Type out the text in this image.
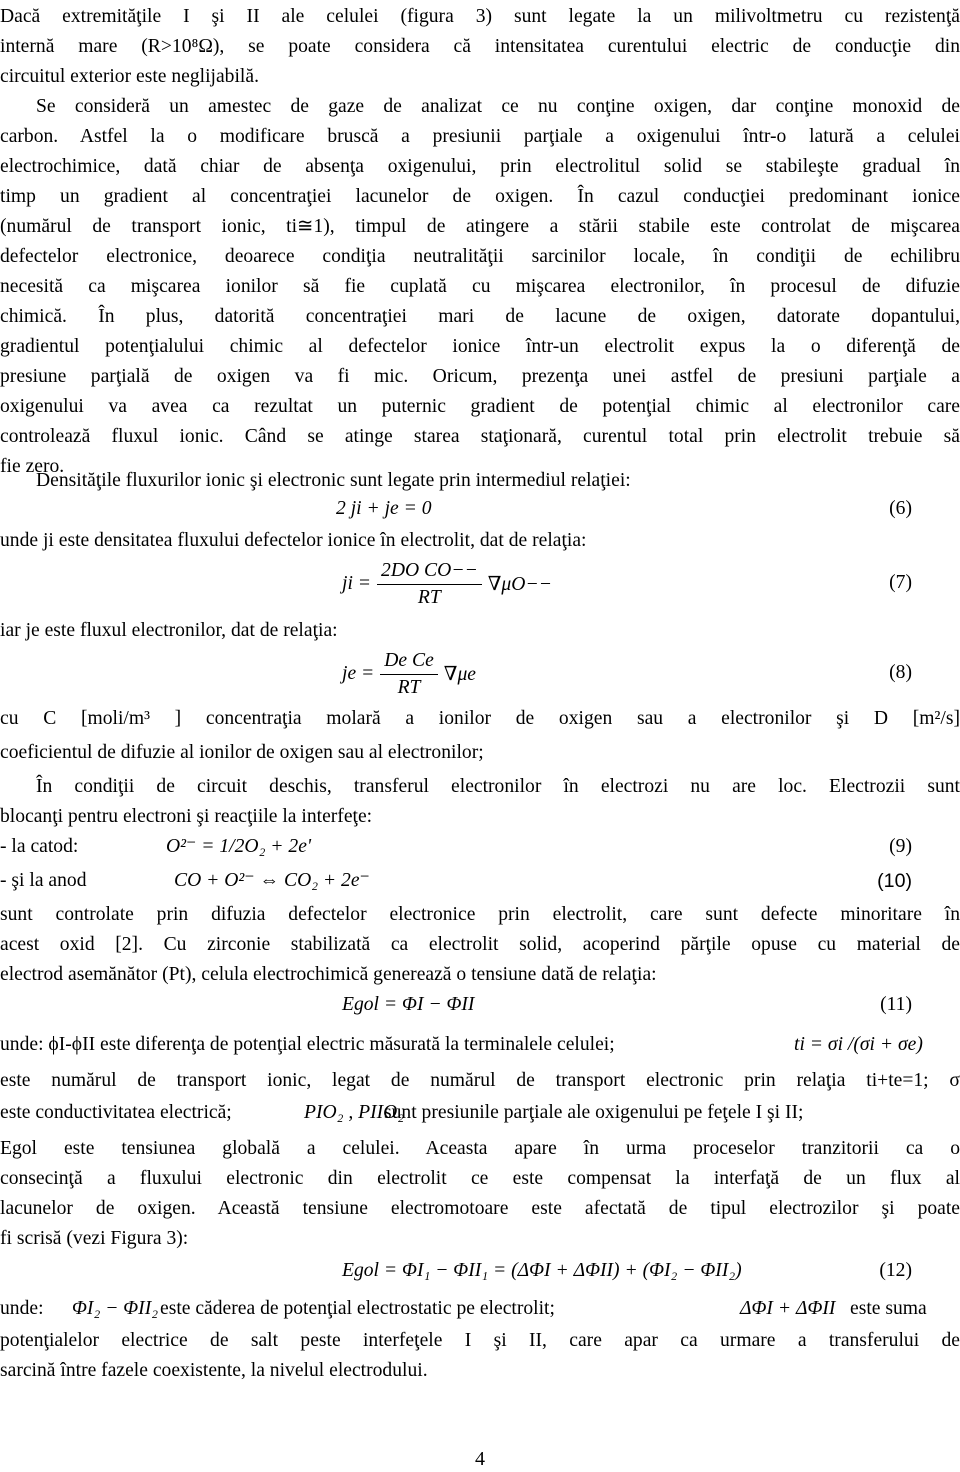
Dacă extremităţile I şi II ale celulei (figura 3) sunt legate la un milivoltmetru cu rezistenţă
internă mare (R>10⁸Ω), se poate considera că intensitatea curentului electric de conducţie din
circuitul exterior este neglijabilă.
Se consideră un amestec de gaze de analizat ce nu conţine oxigen, dar conţine monoxid de
carbon. Astfel la o modificare bruscă a presiunii parţiale a oxigenului într-o latură a celulei
electrochimice, dată chiar de absenţa oxigenului, prin electrolitul solid se stabileşte gradual în
timp un gradient al concentraţiei lacunelor de oxigen. În cazul conducţiei predominant ionice
(numărul de transport ionic, ti≅1), timpul de atingere a stării stabile este controlat de mişcarea
defectelor electronice, deoarece condiţia neutralităţii sarcinilor locale, în condiţii de echilibru
necesită ca mişcarea ionilor să fie cuplată cu mişcarea electronilor, în procesul de difuzie
chimică. În plus, datorită concentraţiei mari de lacune de oxigen, datorate dopantului,
gradientul potenţialului chimic al defectelor ionice într-un electrolit expus la o diferenţă de
presiune parţială de oxigen va fi mic. Oricum, prezenţa unei astfel de presiuni parţiale a
oxigenului va avea ca rezultat un puternic gradient de potenţial chimic al electronilor care
controlează fluxul ionic. Când se atinge starea staţionară, curentul total prin electrolit trebuie să
fie zero.
Densităţile fluxurilor ionic şi electronic sunt legate prin intermediul relaţiei:
2 ji + je = 0	(6)
unde ji este densitatea fluxului defectelor ionice în electrolit, dat de relaţia:
ji = $\frac{\text{2DO CO−−}}{RT} \nabla\mu O--$	(7)
iar je este fluxul electronilor, dat de relaţia:
je = $\frac{\text{De Ce}}{RT} \nabla\mu e$	(8)
cu C [moli/m³ ] concentraţia molară a ionilor de oxigen sau a electronilor şi D [m²/s]
coeficientul de difuzie al ionilor de oxigen sau al electronilor;
În condiţii de circuit deschis, transferul electronilor în electrozi nu are loc. Electrozii sunt
blocanţi pentru electroni şi reacţiile la interfeţe:
- la catod:	O²⁻ = 1/2O₂ + 2e'	(9)
- şi la anod	CO + O²⁻ ⇔ CO₂ + 2e⁻	(10)
sunt controlate prin difuzia defectelor electronice prin electrolit, care sunt defecte minoritare în
acest oxid [2]. Cu zirconie stabilizată ca electrolit solid, acoperind părţile opuse cu material de
electrod asemănător (Pt), celula electrochimică generează o tensiune dată de relaţia:
Egol = ΦI − ΦII	(11)
unde: ϕI-ϕII este diferenţa de potenţial electric măsurată la terminalele celulei;	ti = σi /(σi + σe)
este numărul de transport ionic, legat de numărul de transport electronic prin relaţia ti+te=1; σ
este conductivitatea electrică;	PIO₂ , PIIO₂
sunt presiunile parţiale ale oxigenului pe feţele I şi II;
Egol este tensiunea globală a celulei. Aceasta apare în urma proceselor tranzitorii ca o
consecinţă a fluxului electronic din electrolit ce este compensat la interfaţă de un flux al
lacunelor de oxigen. Această tensiune electromotoare este afectată de tipul electrozilor şi poate
fi scrisă (vezi Figura 3):
Egol = ΦI₁ − ΦII₁ = (ΔΦI + ΔΦII) + (ΦI₂ − ΦII₂)	(12)
unde: ΦI₂ − ΦII₂ este căderea de potenţial electrostatic pe electrolit;	ΔΦI + ΔΦII este suma
potenţialelor electrice de salt peste interfeţele I şi II, care apar ca urmare a transferului de
sarcină între fazele coexistente, la nivelul electrodului.
4
